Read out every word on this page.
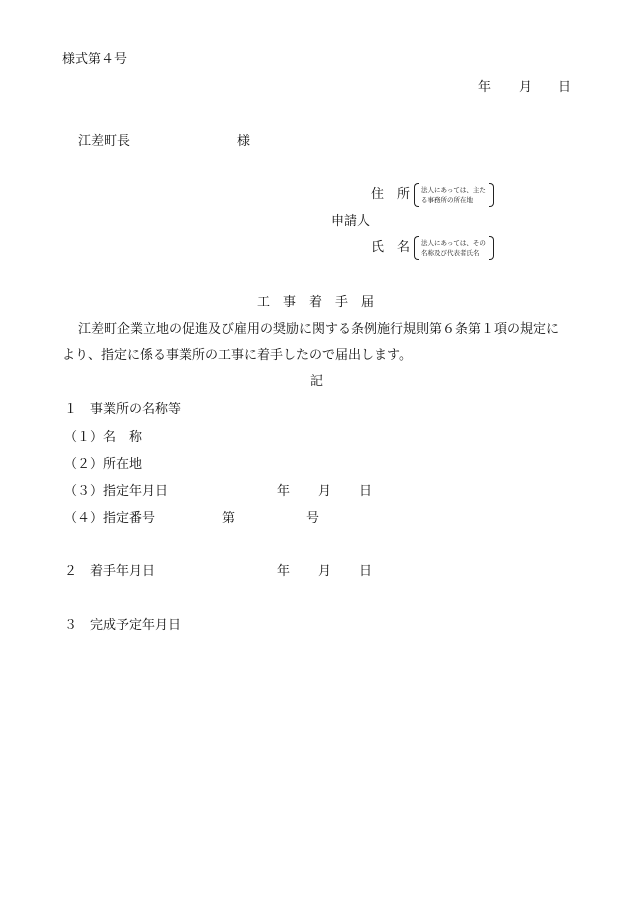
様式第４号
年 月 日
江差町長	様
住　所 法人にあっては、主た
る事務所の所在地
申請人
氏　名 法人にあっては、その
名称及び代表者氏名
工　事　着　手　届
江差町企業立地の促進及び雇用の奨励に関する条例施行規則第６条第１項の規定に
より、指定に係る事業所の工事に着手したので届出します。
記
１　事業所の名称等
（１）名　称
（２）所在地
（３）指定年月日	年 月 日
（４）指定番号	第	号
２　着手年月日	年 月 日
３　完成予定年月日
